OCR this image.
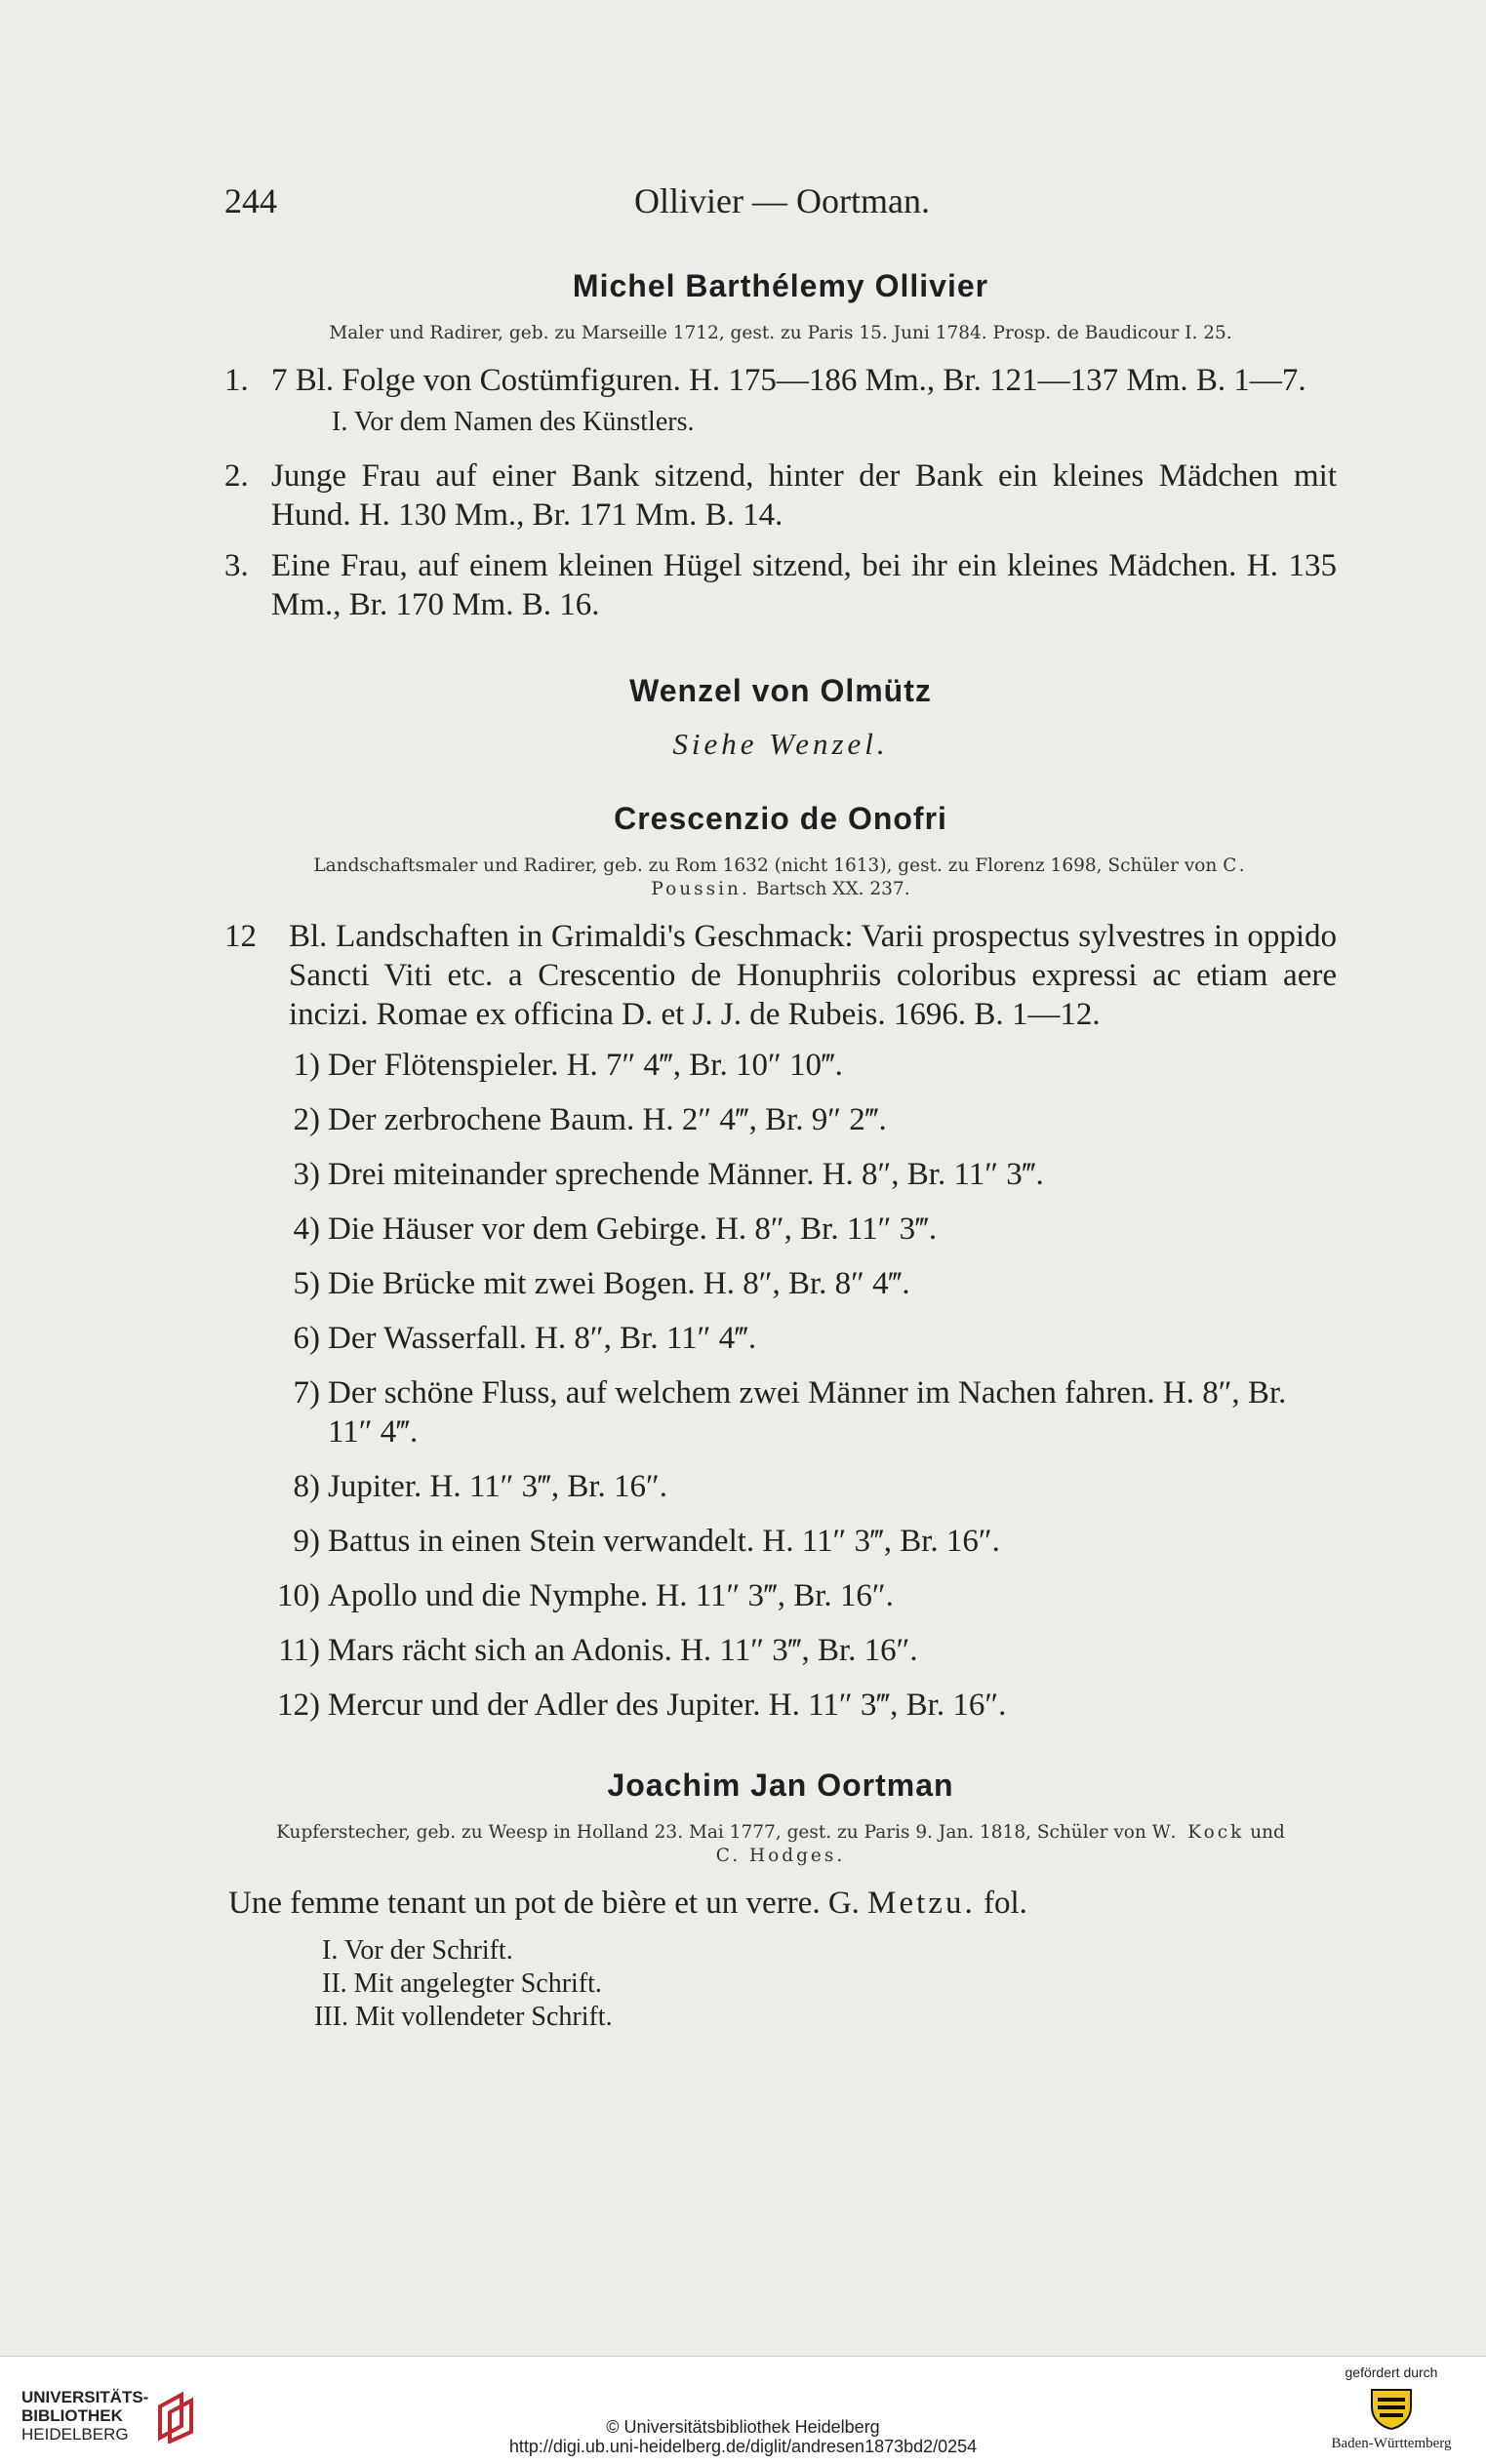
244	Ollivier — Oortman.
Michel Barthélemy Ollivier
Maler und Radirer, geb. zu Marseille 1712, gest. zu Paris 15. Juni 1784. Prosp. de Baudicour I. 25.
1. 7 Bl. Folge von Costümfiguren. H. 175—186 Mm., Br. 121—137 Mm. B. 1—7.
I. Vor dem Namen des Künstlers.
2. Junge Frau auf einer Bank sitzend, hinter der Bank ein kleines Mädchen mit Hund. H. 130 Mm., Br. 171 Mm. B. 14.
3. Eine Frau, auf einem kleinen Hügel sitzend, bei ihr ein kleines Mädchen. H. 135 Mm., Br. 170 Mm. B. 16.
Wenzel von Olmütz
Siehe Wenzel.
Crescenzio de Onofri
Landschaftsmaler und Radirer, geb. zu Rom 1632 (nicht 1613), gest. zu Florenz 1698, Schüler von C. Poussin. Bartsch XX. 237.
12	Bl. Landschaften in Grimaldi's Geschmack: Varii prospectus sylvestres in oppido Sancti Viti etc. a Crescentio de Honuphriis coloribus expressi ac etiam aere incizi. Romae ex officina D. et J. J. de Rubeis. 1696. B. 1—12.
1) Der Flötenspieler. H. 7″ 4‴, Br. 10″ 10‴.
2) Der zerbrochene Baum. H. 2″ 4‴, Br. 9″ 2‴.
3) Drei miteinander sprechende Männer. H. 8″, Br. 11″ 3‴.
4) Die Häuser vor dem Gebirge. H. 8″, Br. 11″ 3‴.
5) Die Brücke mit zwei Bogen. H. 8″, Br. 8″ 4‴.
6) Der Wasserfall. H. 8″, Br. 11″ 4‴.
7) Der schöne Fluss, auf welchem zwei Männer im Nachen fahren. H. 8″, Br. 11″ 4‴.
8) Jupiter. H. 11″ 3‴, Br. 16″.
9) Battus in einen Stein verwandelt. H. 11″ 3‴, Br. 16″.
10) Apollo und die Nymphe. H. 11″ 3‴, Br. 16″.
11) Mars rächt sich an Adonis. H. 11″ 3‴, Br. 16″.
12) Mercur und der Adler des Jupiter. H. 11″ 3‴, Br. 16″.
Joachim Jan Oortman
Kupferstecher, geb. zu Weesp in Holland 23. Mai 1777, gest. zu Paris 9. Jan. 1818, Schüler von W. Kock und C. Hodges.
Une femme tenant un pot de bière et un verre. G. Metzu. fol.
I. Vor der Schrift.
II. Mit angelegter Schrift.
III. Mit vollendeter Schrift.
UNIVERSITÄTS-
BIBLIOTHEK
HEIDELBERG	© Universitätsbibliothek Heidelberg
http://digi.ub.uni-heidelberg.de/diglit/andresen1873bd2/0254
gefördert durch
Baden-Württemberg
